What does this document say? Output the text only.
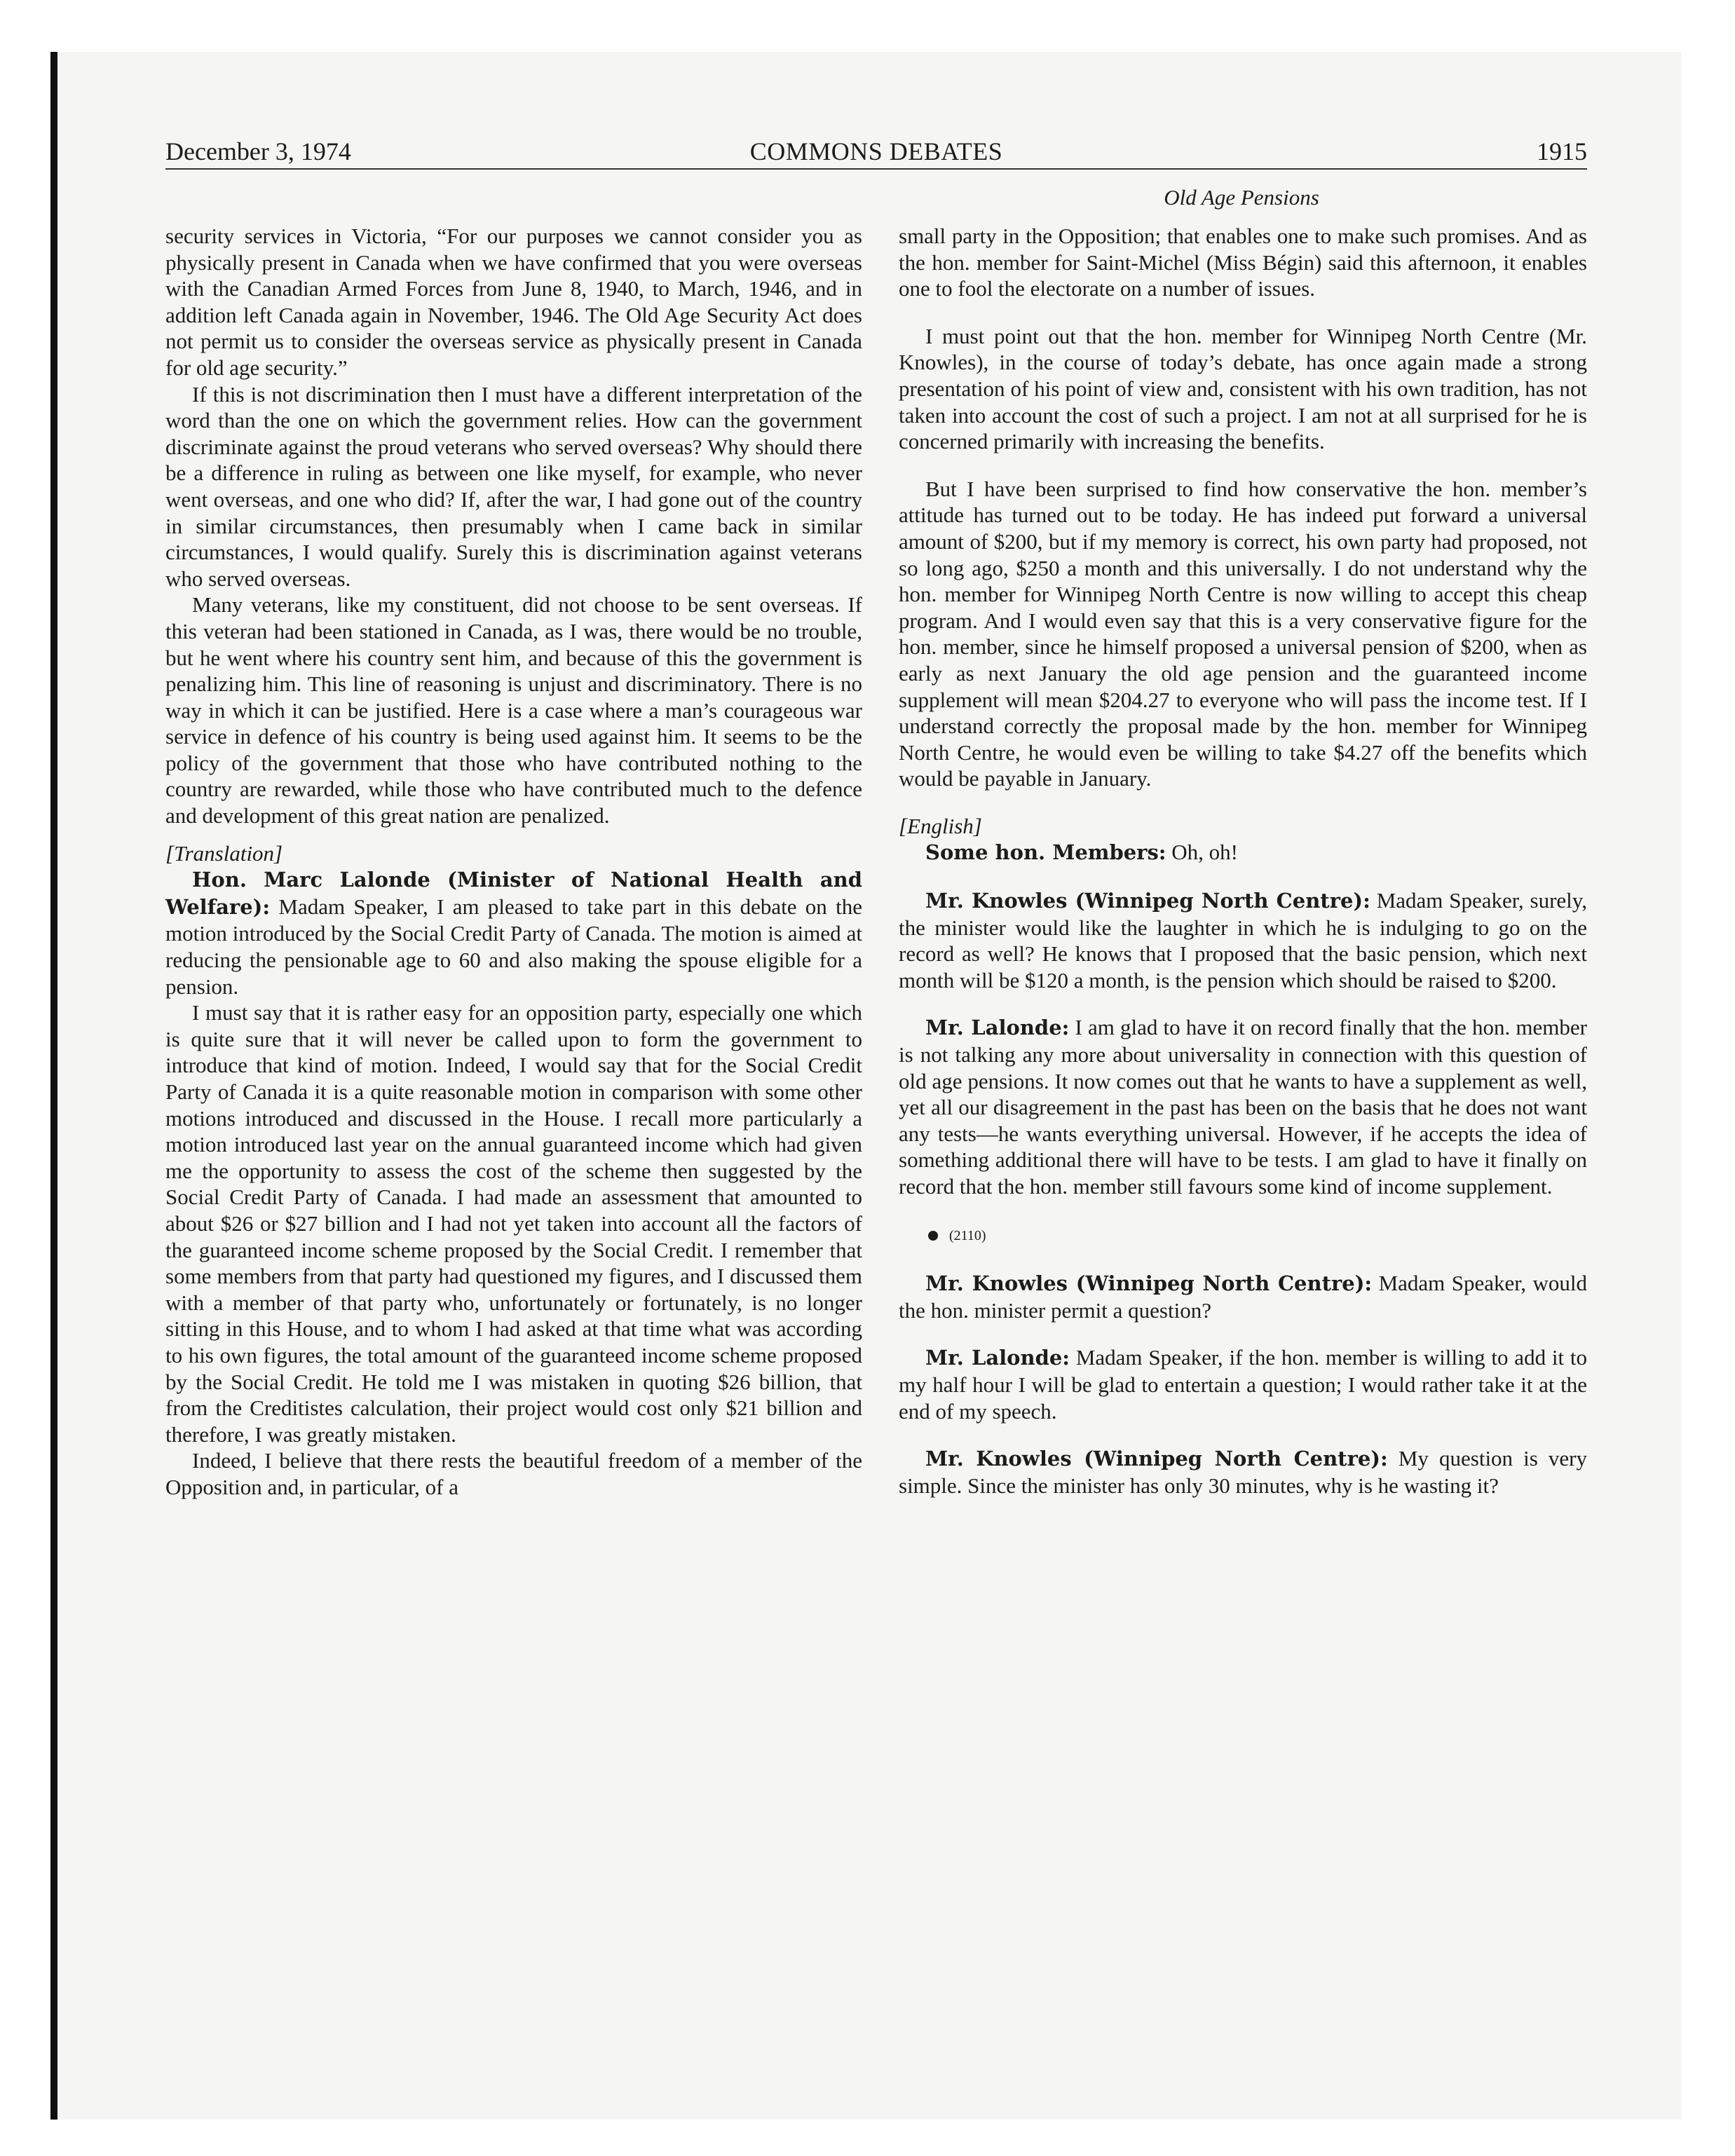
December 3, 1974	COMMONS DEBATES	1915
Old Age Pensions

security services in Victoria, “For our purposes we cannot consider you as physically present in Canada when we have confirmed that you were overseas with the Canadian Armed Forces from June 8, 1940, to March, 1946, and in addition left Canada again in November, 1946. The Old Age Security Act does not permit us to consider the overseas service as physically present in Canada for old age security.”

If this is not discrimination then I must have a different interpretation of the word than the one on which the government relies. How can the government discriminate against the proud veterans who served overseas? Why should there be a difference in ruling as between one like myself, for example, who never went overseas, and one who did? If, after the war, I had gone out of the country in similar circumstances, then presumably when I came back in similar circumstances, I would qualify. Surely this is discrimination against veterans who served overseas.

Many veterans, like my constituent, did not choose to be sent overseas. If this veteran had been stationed in Canada, as I was, there would be no trouble, but he went where his country sent him, and because of this the government is penalizing him. This line of reasoning is unjust and discriminatory. There is no way in which it can be justified. Here is a case where a man’s courageous war service in defence of his country is being used against him. It seems to be the policy of the government that those who have contributed nothing to the country are rewarded, while those who have contributed much to the defence and development of this great nation are penalized.

[Translation]

Hon. Marc Lalonde (Minister of National Health and Welfare): Madam Speaker, I am pleased to take part in this debate on the motion introduced by the Social Credit Party of Canada. The motion is aimed at reducing the pensionable age to 60 and also making the spouse eligible for a pension.

I must say that it is rather easy for an opposition party, especially one which is quite sure that it will never be called upon to form the government to introduce that kind of motion. Indeed, I would say that for the Social Credit Party of Canada it is a quite reasonable motion in comparison with some other motions introduced and discussed in the House. I recall more particularly a motion introduced last year on the annual guaranteed income which had given me the opportunity to assess the cost of the scheme then suggested by the Social Credit Party of Canada. I had made an assessment that amounted to about $26 or $27 billion and I had not yet taken into account all the factors of the guaranteed income scheme proposed by the Social Credit. I remember that some members from that party had questioned my figures, and I discussed them with a member of that party who, unfortunately or fortunately, is no longer sitting in this House, and to whom I had asked at that time what was according to his own figures, the total amount of the guaranteed income scheme proposed by the Social Credit. He told me I was mistaken in quoting $26 billion, that from the Creditistes calculation, their project would cost only $21 billion and therefore, I was greatly mistaken.

Indeed, I believe that there rests the beautiful freedom of a member of the Opposition and, in particular, of a

small party in the Opposition; that enables one to make such promises. And as the hon. member for Saint-Michel (Miss Bégin) said this afternoon, it enables one to fool the electorate on a number of issues.

I must point out that the hon. member for Winnipeg North Centre (Mr. Knowles), in the course of today’s debate, has once again made a strong presentation of his point of view and, consistent with his own tradition, has not taken into account the cost of such a project. I am not at all surprised for he is concerned primarily with increasing the benefits.

But I have been surprised to find how conservative the hon. member’s attitude has turned out to be today. He has indeed put forward a universal amount of $200, but if my memory is correct, his own party had proposed, not so long ago, $250 a month and this universally. I do not understand why the hon. member for Winnipeg North Centre is now willing to accept this cheap program. And I would even say that this is a very conservative figure for the hon. member, since he himself proposed a universal pension of $200, when as early as next January the old age pension and the guaranteed income supplement will mean $204.27 to everyone who will pass the income test. If I understand correctly the proposal made by the hon. member for Winnipeg North Centre, he would even be willing to take $4.27 off the benefits which would be payable in January.

[English]

Some hon. Members: Oh, oh!

Mr. Knowles (Winnipeg North Centre): Madam Speaker, surely, the minister would like the laughter in which he is indulging to go on the record as well? He knows that I proposed that the basic pension, which next month will be $120 a month, is the pension which should be raised to $200.

Mr. Lalonde: I am glad to have it on record finally that the hon. member is not talking any more about universality in connection with this question of old age pensions. It now comes out that he wants to have a supplement as well, yet all our disagreement in the past has been on the basis that he does not want any tests—he wants everything universal. However, if he accepts the idea of something additional there will have to be tests. I am glad to have it finally on record that the hon. member still favours some kind of income supplement.

(2110)

Mr. Knowles (Winnipeg North Centre): Madam Speaker, would the hon. minister permit a question?

Mr. Lalonde: Madam Speaker, if the hon. member is willing to add it to my half hour I will be glad to entertain a question; I would rather take it at the end of my speech.

Mr. Knowles (Winnipeg North Centre): My question is very simple. Since the minister has only 30 minutes, why is he wasting it?
